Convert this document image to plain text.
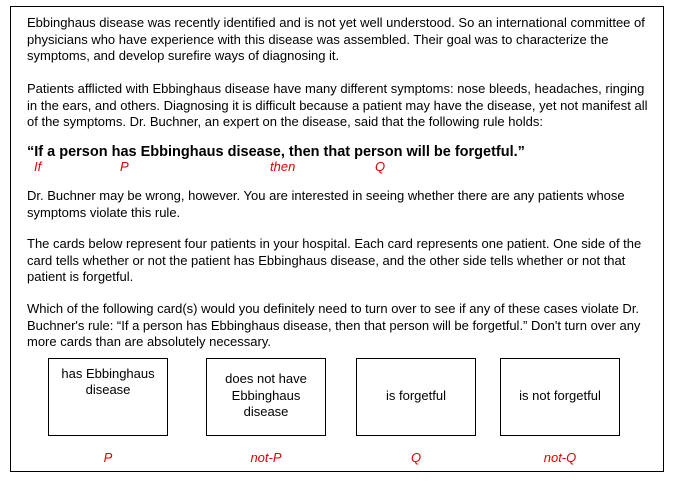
Ebbinghaus disease was recently identified and is not yet well understood. So an international committee of physicians who have experience with this disease was assembled. Their goal was to characterize the symptoms, and develop surefire ways of diagnosing it.

Patients afflicted with Ebbinghaus disease have many different symptoms: nose bleeds, headaches, ringing in the ears, and others. Diagnosing it is difficult because a patient may have the disease, yet not manifest all of the symptoms. Dr. Buchner, an expert on the disease, said that the following rule holds:

“If a person has Ebbinghaus disease, then that person will be forgetful.”
If	P	then	Q

Dr. Buchner may be wrong, however. You are interested in seeing whether there are any patients whose symptoms violate this rule.

The cards below represent four patients in your hospital. Each card represents one patient. One side of the card tells whether or not the patient has Ebbinghaus disease, and the other side tells whether or not that patient is forgetful.

Which of the following card(s) would you definitely need to turn over to see if any of these cases violate Dr. Buchner's rule: “If a person has Ebbinghaus disease, then that person will be forgetful.” Don't turn over any more cards than are absolutely necessary.

has Ebbinghaus disease
does not have Ebbinghaus disease
is forgetful	is not forgetful
P	not-P	Q	not-Q
